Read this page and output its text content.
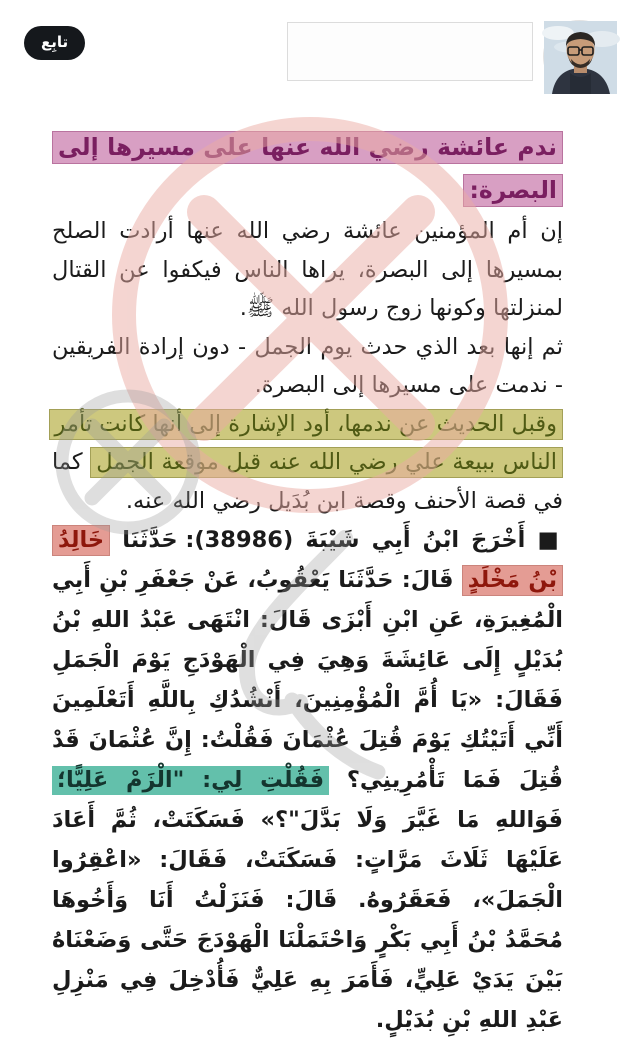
تابِع

ندم عائشة رضي الله عنها على مسيرها إلى البصرة:

إن أم المؤمنين عائشة رضي الله عنها أرادت الصلح بمسيرها إلى البصرة، يراها الناس فيكفوا عن القتال لمنزلتها وكونها زوج رسول الله ﷺ.

ثم إنها بعد الذي حدث يوم الجمل - دون إرادة الفريقين - ندمت على مسيرها إلى البصرة.

وقبل الحديث عن ندمها، أود الإشارة إلى أنها كانت تأمر الناس ببيعة علي رضي الله عنه قبل موقعة الجمل كما في قصة الأحنف وقصة ابن بُدَيل رضي الله عنه.

■ أَخْرَجَ ابْنُ أَبِي شَيْبَةَ (38986): حَدَّثَنَا خَالِدُ بْنُ مَخْلَدٍ قَالَ: حَدَّثَنَا يَعْقُوبُ، عَنْ جَعْفَرِ بْنِ أَبِي الْمُغِيرَةِ، عَنِ ابْنِ أَبْزَى قَالَ: انْتَهَى عَبْدُ اللهِ بْنُ بُدَيْلٍ إِلَى عَائِشَةَ وَهِيَ فِي الْهَوْدَجِ يَوْمَ الْجَمَلِ فَقَالَ: «يَا أُمَّ الْمُؤْمِنِينَ، أَنْشُدُكِ بِاللَّهِ أَتَعْلَمِينَ أَنِّي أَتَيْتُكِ يَوْمَ قُتِلَ عُثْمَانَ فَقُلْتُ: إِنَّ عُثْمَانَ قَدْ قُتِلَ فَمَا تَأْمُرِينِي؟ فَقُلْتِ لِي: "الْزَمْ عَلِيًّا؛ فَوَاللهِ مَا غَيَّرَ وَلَا بَدَّلَ"؟» فَسَكَتَتْ، ثُمَّ أَعَادَ عَلَيْهَا ثَلَاثَ مَرَّاتٍ: فَسَكَتَتْ، فَقَالَ: «اعْقِرُوا الْجَمَلَ»، فَعَقَرُوهُ. قَالَ: فَنَزَلْتُ أَنَا وَأَخُوهَا مُحَمَّدُ بْنُ أَبِي بَكْرٍ وَاحْتَمَلْنَا الْهَوْدَجَ حَتَّى وَضَعْنَاهُ بَيْنَ يَدَيْ عَلِيٍّ، فَأَمَرَ بِهِ عَلِيٌّ فَأُدْخِلَ فِي مَنْزِلِ عَبْدِ اللهِ بْنِ بُدَيْلٍ.
